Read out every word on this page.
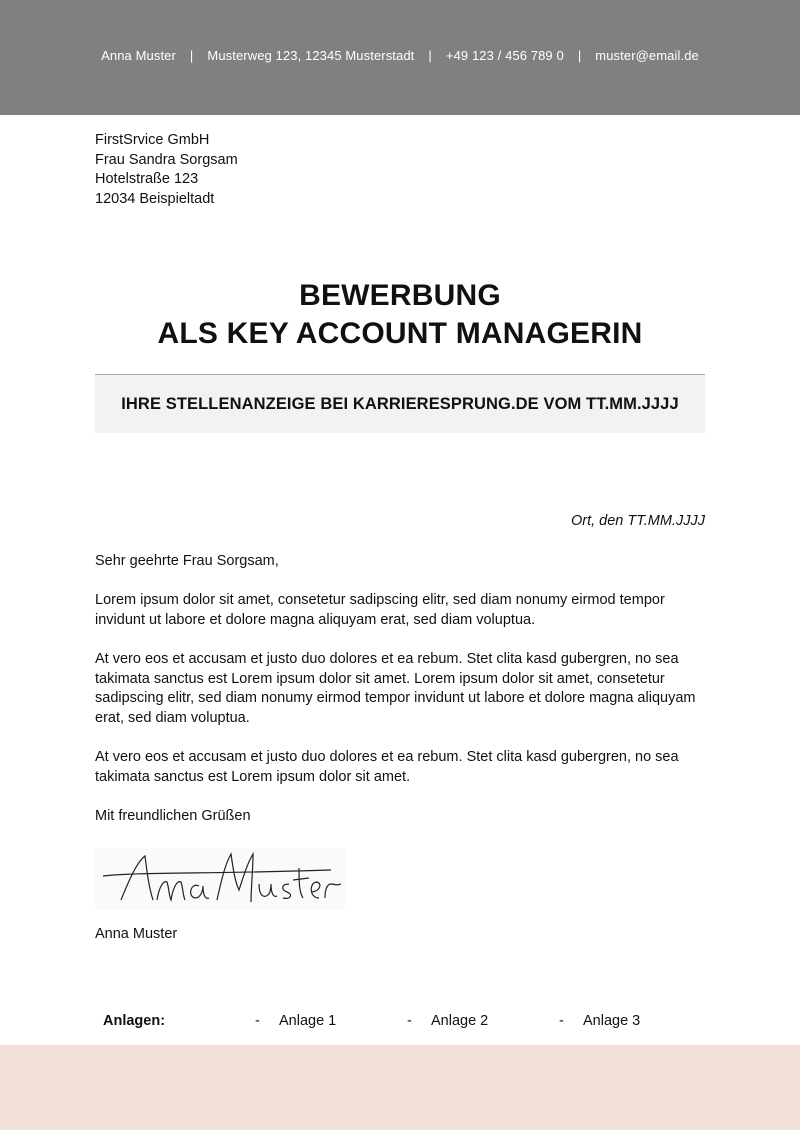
Anna Muster | Musterweg 123, 12345 Musterstadt | +49 123 / 456 789 0 | muster@email.de
FirstSrvice GmbH
Frau Sandra Sorgsam
Hotelstraße 123
12034 Beispieltadt
BEWERBUNG
ALS KEY ACCOUNT MANAGERIN
IHRE STELLENANZEIGE BEI KARRIERESPRUNG.DE VOM TT.MM.JJJJ
Ort, den TT.MM.JJJJ

Sehr geehrte Frau Sorgsam,

Lorem ipsum dolor sit amet, consetetur sadipscing elitr, sed diam nonumy eirmod tempor invidunt ut labore et dolore magna aliquyam erat, sed diam voluptua.

At vero eos et accusam et justo duo dolores et ea rebum. Stet clita kasd gubergren, no sea takimata sanctus est Lorem ipsum dolor sit amet. Lorem ipsum dolor sit amet, consetetur sadipscing elitr, sed diam nonumy eirmod tempor invidunt ut labore et dolore magna aliquyam erat, sed diam voluptua.

At vero eos et accusam et justo duo dolores et ea rebum. Stet clita kasd gubergren, no sea takimata sanctus est Lorem ipsum dolor sit amet.

Mit freundlichen Grüßen

Anna Muster
Anlagen:	- Anlage 1	- Anlage 2	- Anlage 3
